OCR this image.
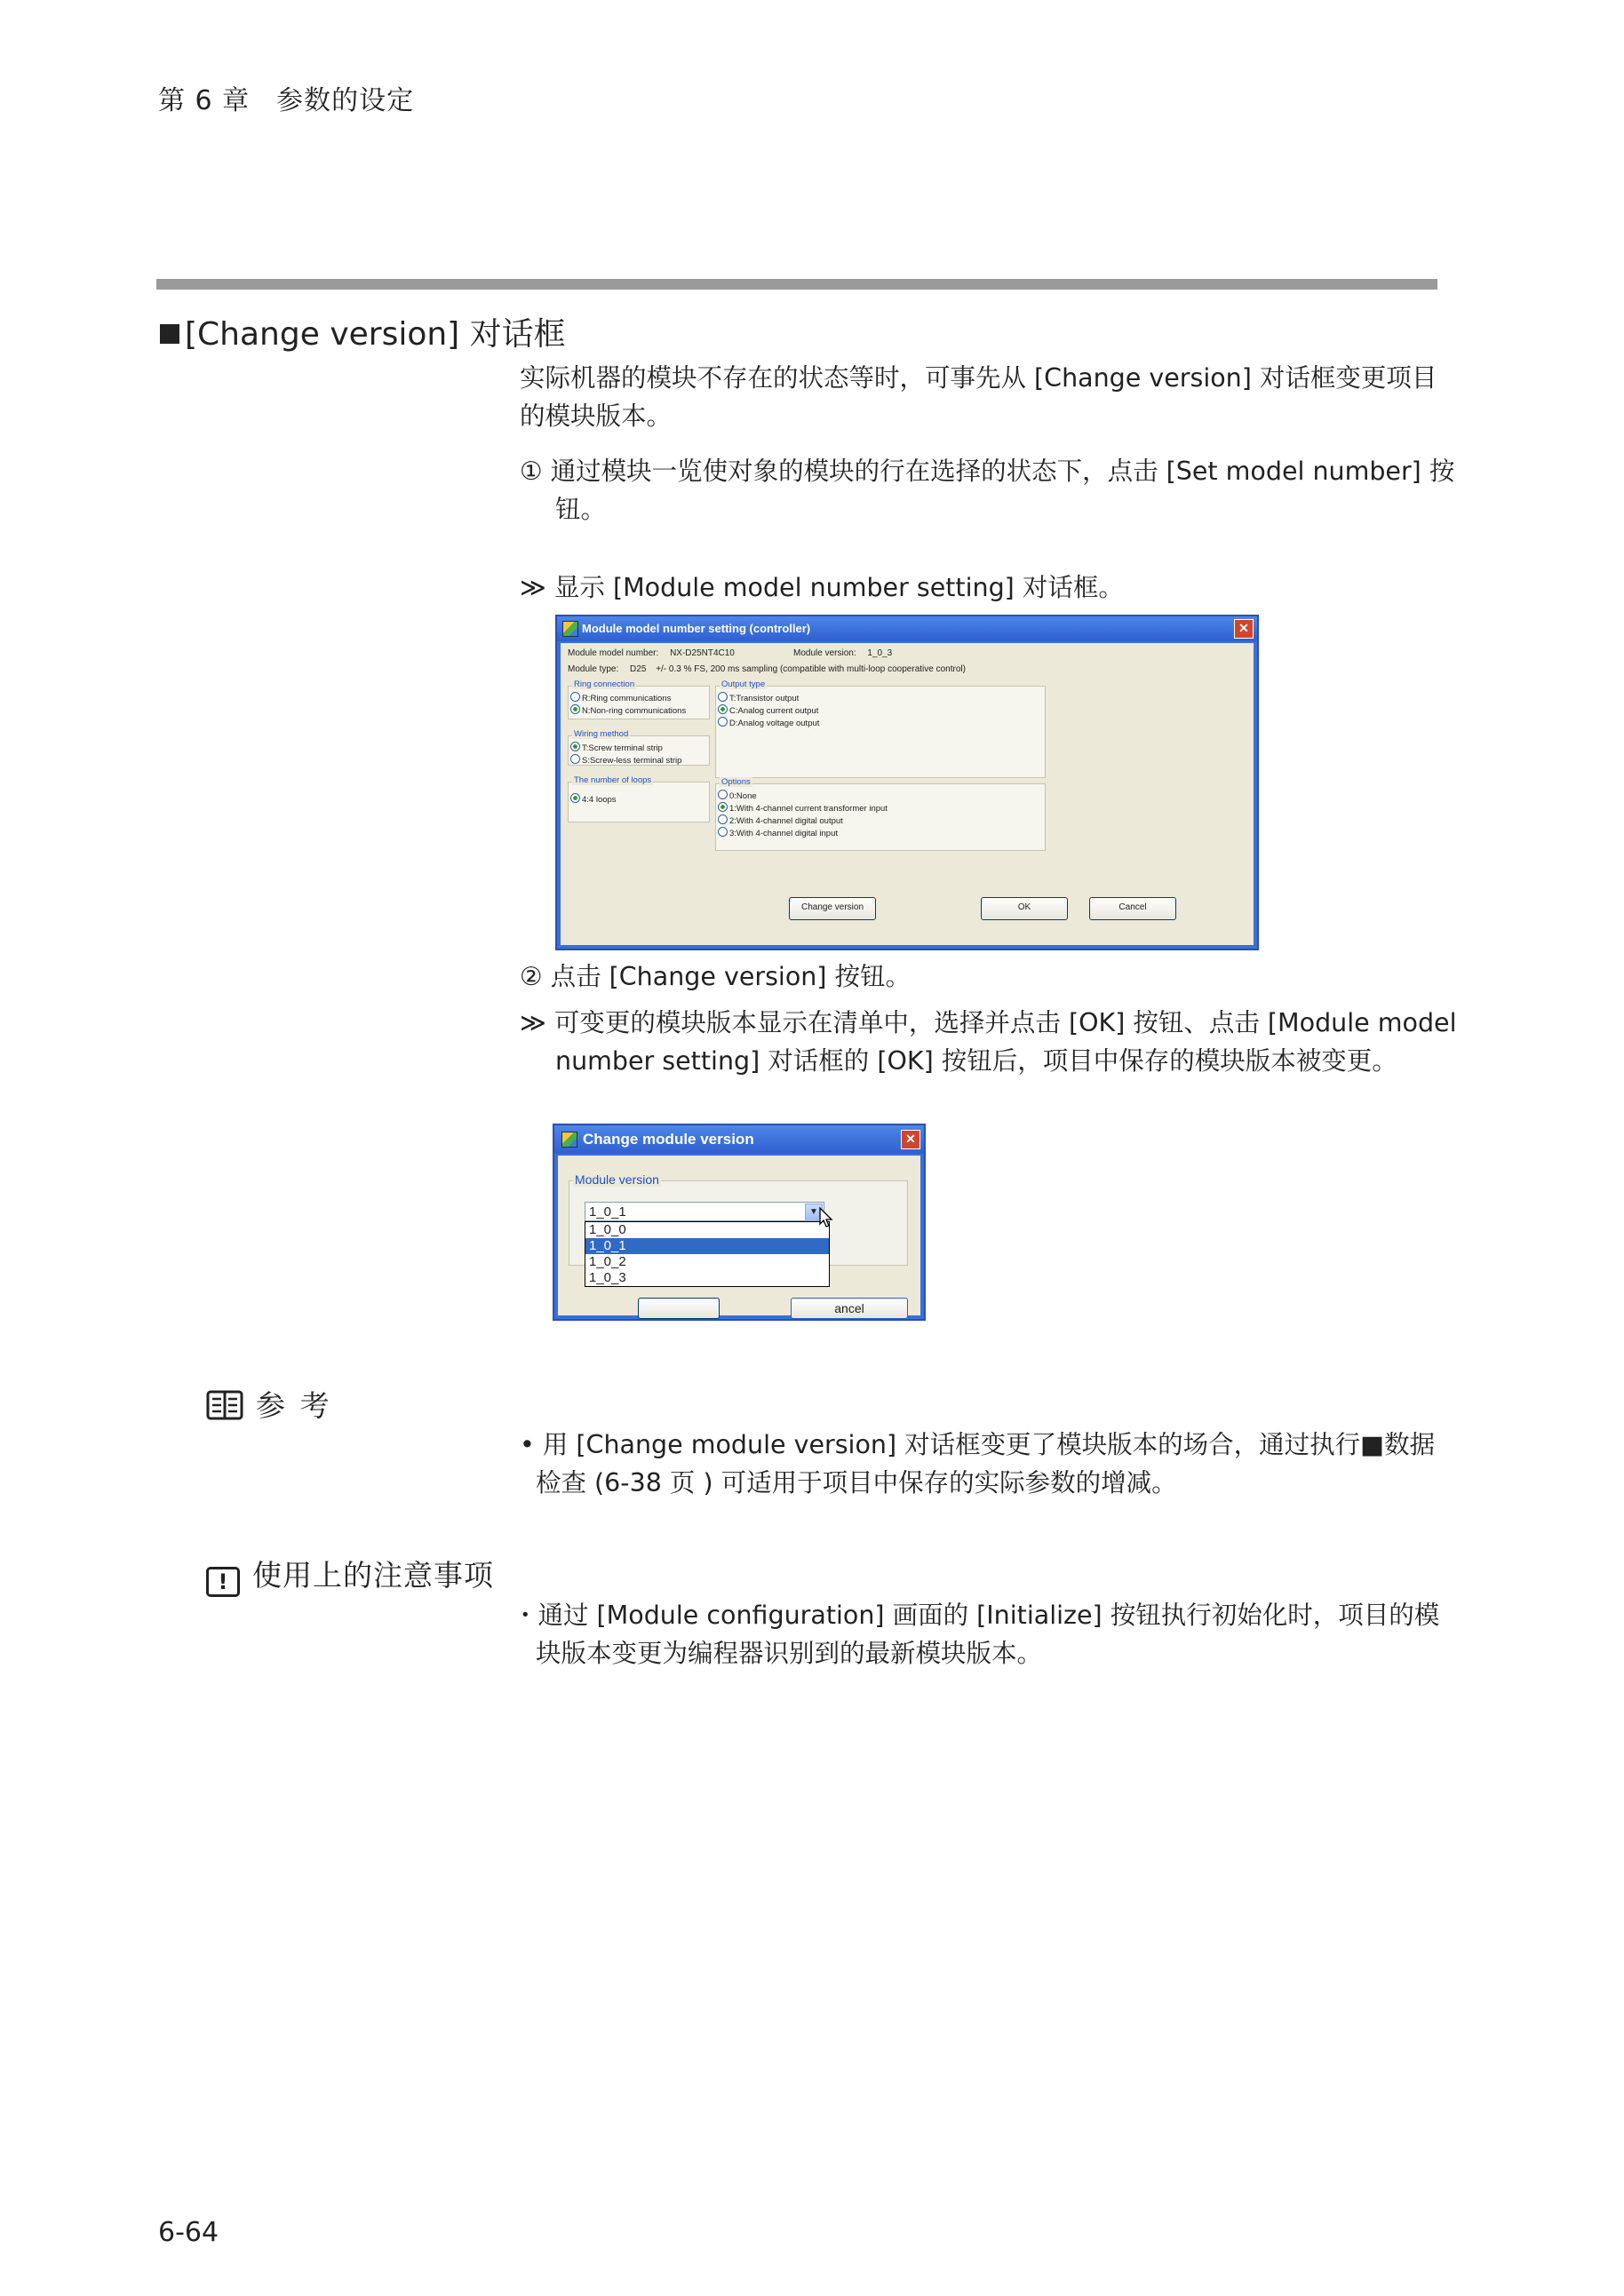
第 6 章 参数的设定
[Change version] 对话框
实际机器的模块不存在的状态等时，可事先从 [Change version] 对话框变更项目的模块版本。
① 通过模块一览使对象的模块的行在选择的状态下，点击 [Set model number] 按钮。
≫ 显示 [Module model number setting] 对话框。
Module model number setting (controller)	✕
Module model number: NX-D25NT4C10	Module version: 1_0_3
Module type: D25 +/- 0.3 % FS, 200 ms sampling (compatible with multi-loop cooperative control)
Ring connection
R:Ring communications
N:Non-ring communications
Wiring method
T:Screw terminal strip
S:Screw-less terminal strip
The number of loops
4:4 loops
Output type
T:Transistor output
C:Analog current output
D:Analog voltage output
Options
0:None
1:With 4-channel current transformer input
2:With 4-channel digital output
3:With 4-channel digital input
Change version	OK	Cancel
② 点击 [Change version] 按钮。
≫ 可变更的模块版本显示在清单中，选择并点击 [OK] 按钮、点击 [Module model number setting] 对话框的 [OK] 按钮后，项目中保存的模块版本被变更。
Change module version	✕
Module version
ancel
1_0_1	▼
1_0_0
1_0_1
1_0_2
1_0_3
参 考
• 用 [Change module version] 对话框变更了模块版本的场合，通过执行■数据检查 (6-38 页 ) 可适用于项目中保存的实际参数的增减。
! 使用上的注意事项
・通过 [Module configuration] 画面的 [Initialize] 按钮执行初始化时，项目的模块版本变更为编程器识别到的最新模块版本。
6-64
